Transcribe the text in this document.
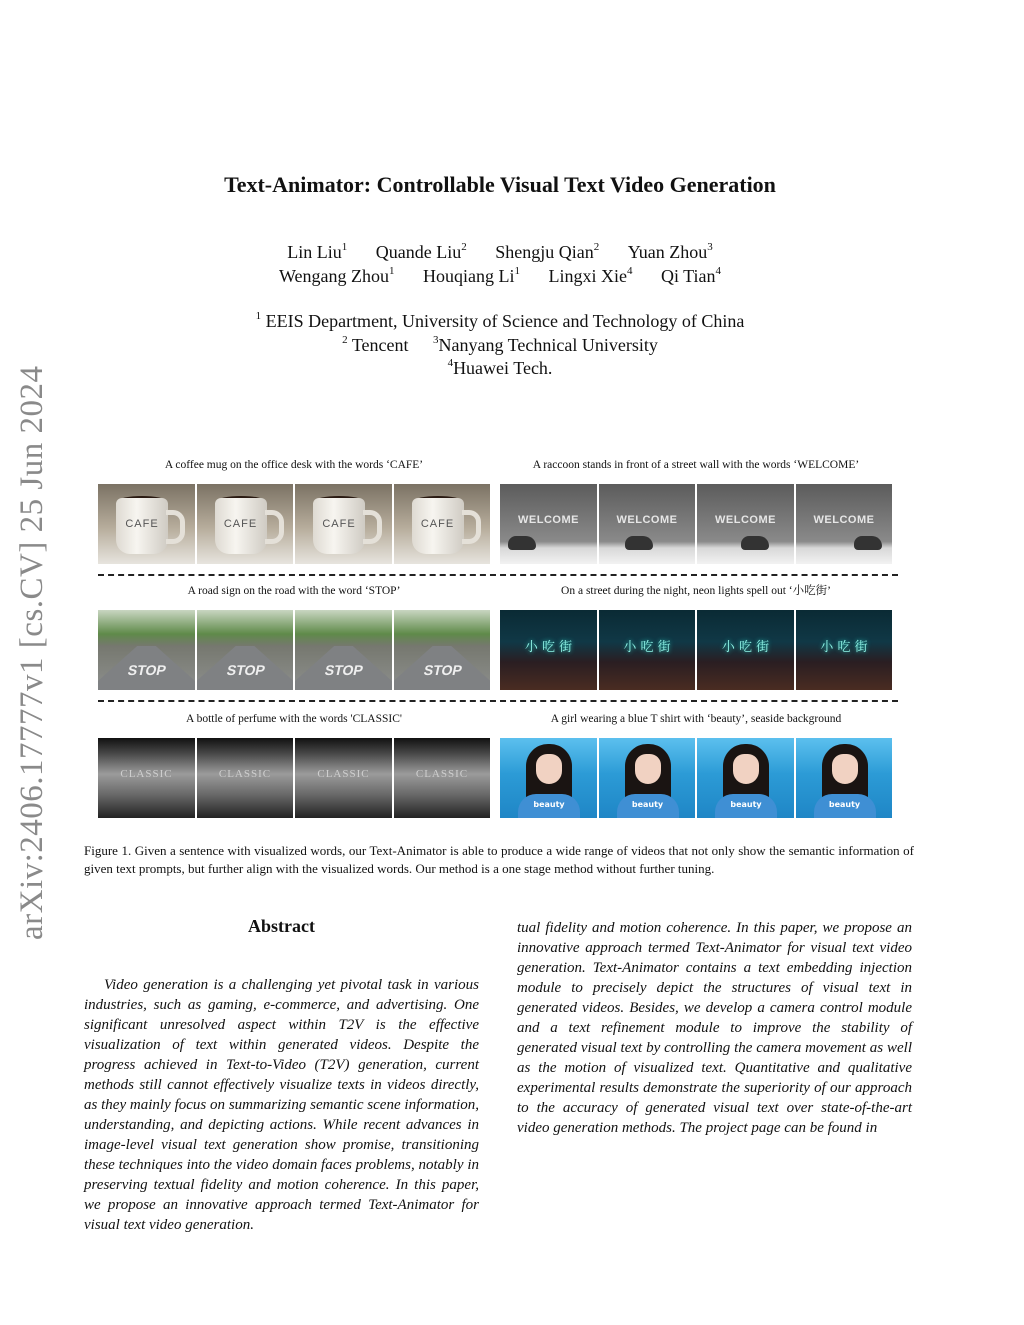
arXiv:2406.17777v1 [cs.CV] 25 Jun 2024
Text-Animator: Controllable Visual Text Video Generation
Lin Liu$^1$ Quande Liu$^2$ Shengju Qian$^2$ Yuan Zhou$^3$
Wengang Zhou$^1$ Houqiang Li$^1$ Lingxi Xie$^4$ Qi Tian$^4$
$^1$ EEIS Department, University of Science and Technology of China
$^2$ Tencent $^3$Nanyang Technical University
$^4$Huawei Tech.
A coffee mug on the office desk with the words ‘CAFE’
CAFE	CAFE	CAFE	CAFE
A raccoon stands in front of a street wall with the words ‘WELCOME’
WELCOME	WELCOME	WELCOME	WELCOME
A road sign on the road with the word ‘STOP’
STOP	STOP	STOP	STOP
On a street during the night, neon lights spell out ‘小吃街’
小 吃 街	小 吃 街	小 吃 街	小 吃 街
A bottle of perfume with the words 'CLASSIC'
CLASSIC	CLASSIC	CLASSIC	CLASSIC
A girl wearing a blue T shirt with ‘beauty’, seaside background
beauty	beauty	beauty	beauty
Figure 1. Given a sentence with visualized words, our Text-Animator is able to produce a wide range of videos that not only show the semantic information of given text prompts, but further align with the visualized words. Our method is a one stage method without further tuning.
Abstract

Video generation is a challenging yet pivotal task in various industries, such as gaming, e-commerce, and advertising. One significant unresolved aspect within T2V is the effective visualization of text within generated videos. Despite the progress achieved in Text-to-Video (T2V) generation, current methods still cannot effectively visualize texts in videos directly, as they mainly focus on summarizing semantic scene information, understanding, and depicting actions. While recent advances in image-level visual text generation show promise, transitioning these techniques into the video domain faces problems, notably in preserving textual fidelity and motion coherence. In this paper, we propose an innovative approach termed Text-Animator for visual text video generation.

tual fidelity and motion coherence. In this paper, we propose an innovative approach termed Text-Animator for visual text video generation. Text-Animator contains a text embedding injection module to precisely depict the structures of visual text in generated videos. Besides, we develop a camera control module and a text refinement module to improve the stability of generated visual text by controlling the camera movement as well as the motion of visualized text. Quantitative and qualitative experimental results demonstrate the superiority of our approach to the accuracy of generated visual text over state-of-the-art video generation methods. The project page can be found in
